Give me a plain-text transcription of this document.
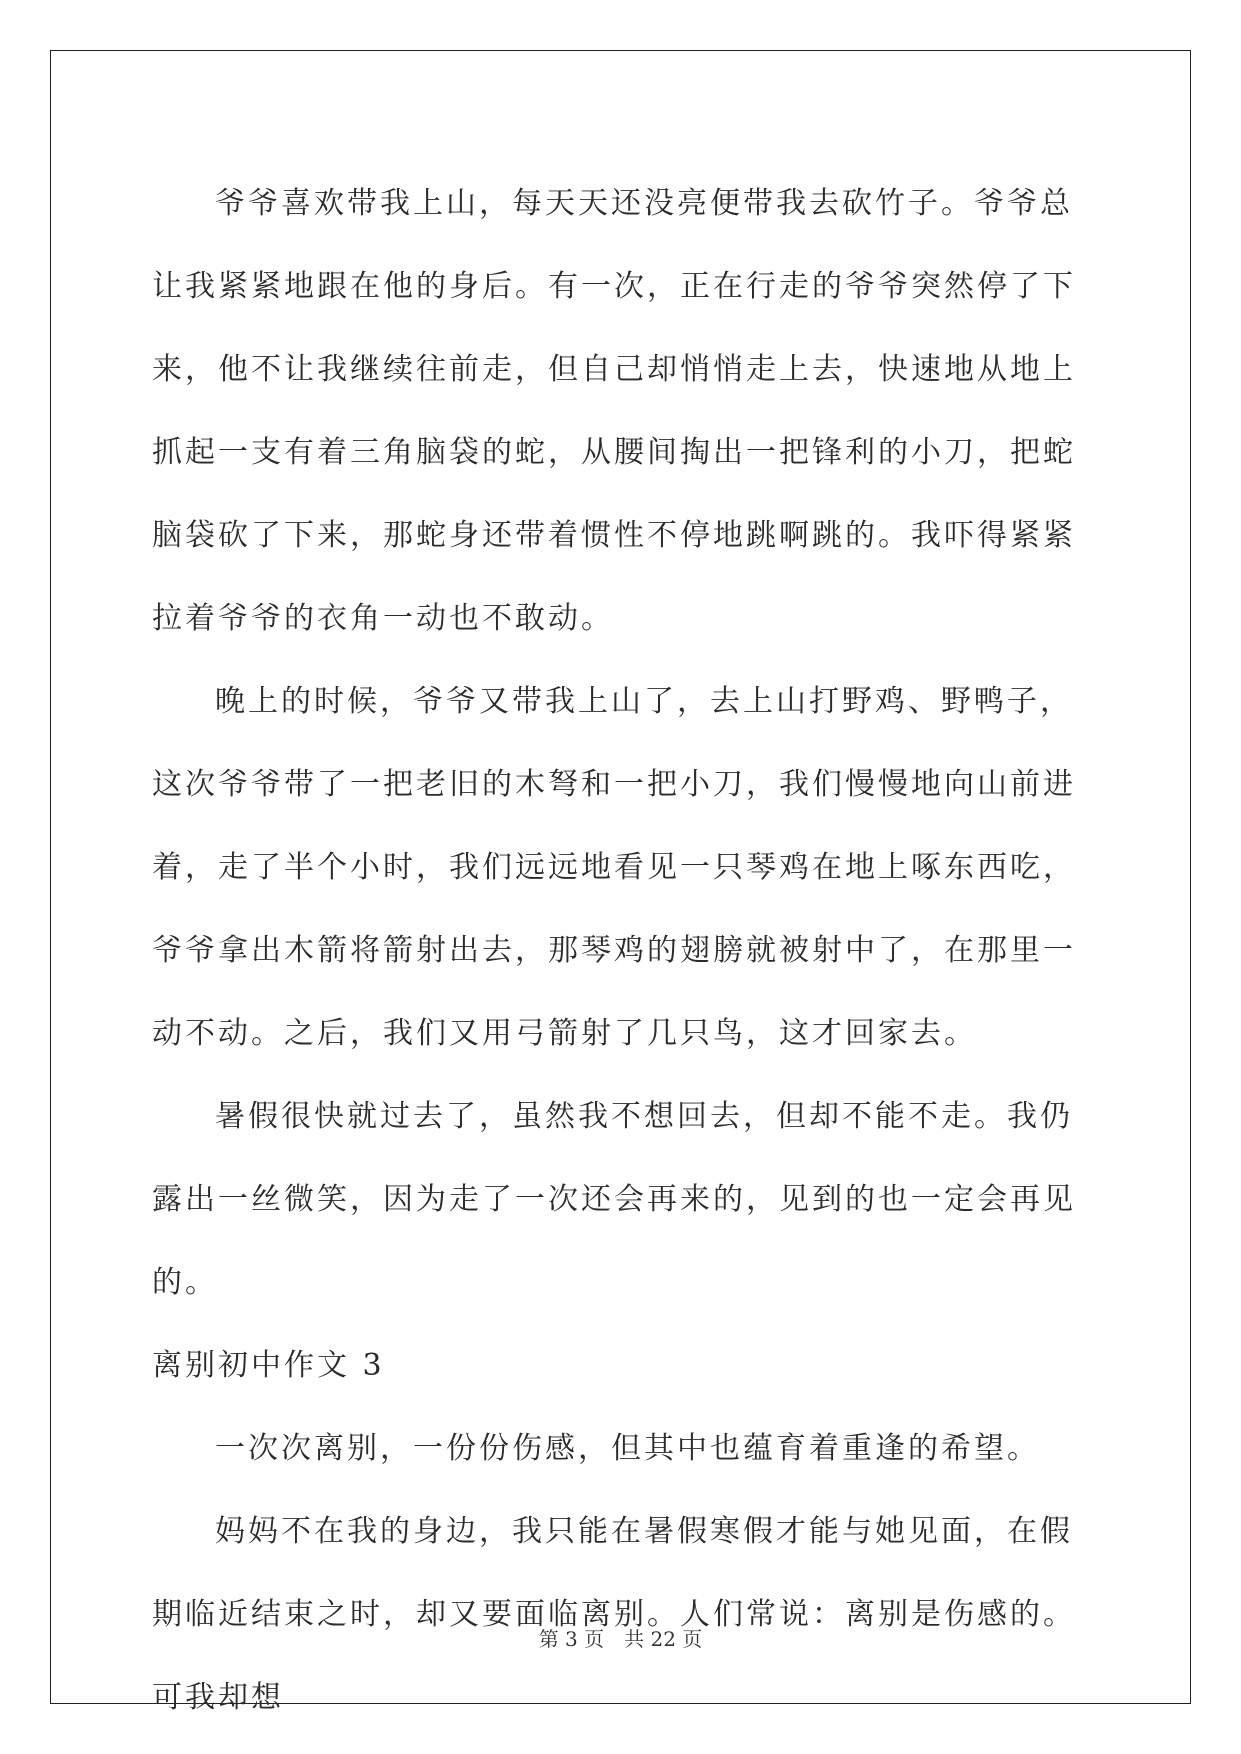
爷爷喜欢带我上山，每天天还没亮便带我去砍竹子。爷爷总让我紧紧地跟在他的身后。有一次，正在行走的爷爷突然停了下来，他不让我继续往前走，但自己却悄悄走上去，快速地从地上抓起一支有着三角脑袋的蛇，从腰间掏出一把锋利的小刀，把蛇脑袋砍了下来，那蛇身还带着惯性不停地跳啊跳的。我吓得紧紧拉着爷爷的衣角一动也不敢动。

晚上的时候，爷爷又带我上山了，去上山打野鸡、野鸭子，这次爷爷带了一把老旧的木弩和一把小刀，我们慢慢地向山前进着，走了半个小时，我们远远地看见一只琴鸡在地上啄东西吃，爷爷拿出木箭将箭射出去，那琴鸡的翅膀就被射中了，在那里一动不动。之后，我们又用弓箭射了几只鸟，这才回家去。

暑假很快就过去了，虽然我不想回去，但却不能不走。我仍露出一丝微笑，因为走了一次还会再来的，见到的也一定会再见的。

离别初中作文 3

一次次离别，一份份伤感，但其中也蕴育着重逢的希望。

妈妈不在我的身边，我只能在暑假寒假才能与她见面，在假期临近结束之时，却又要面临离别。人们常说：离别是伤感的。可我却想

第 3 页　共 22 页
